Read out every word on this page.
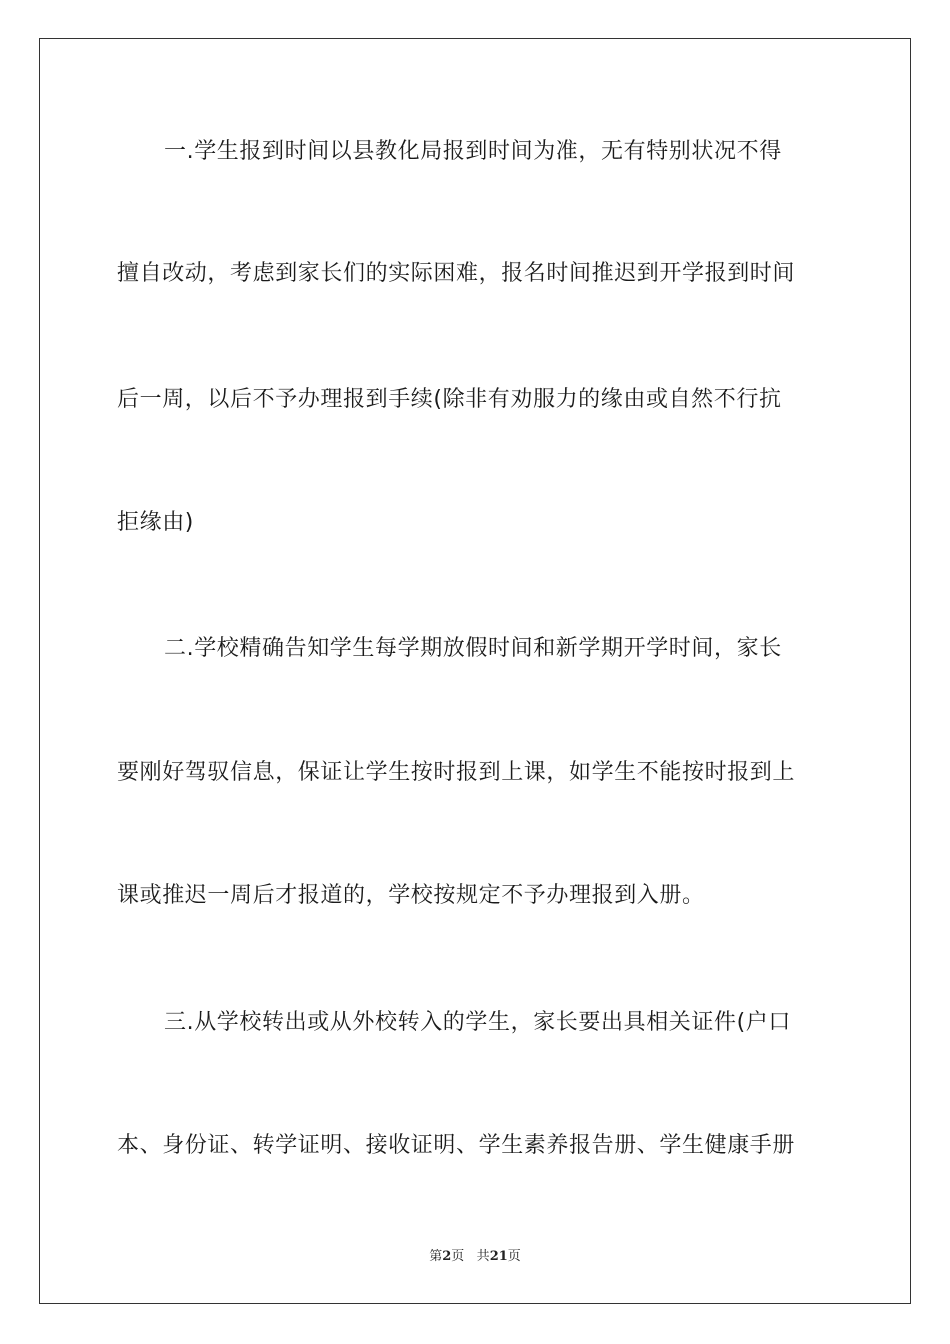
一.学生报到时间以县教化局报到时间为准，无有特别状况不得
擅自改动，考虑到家长们的实际困难，报名时间推迟到开学报到时间
后一周，以后不予办理报到手续(除非有劝服力的缘由或自然不行抗
拒缘由)
二.学校精确告知学生每学期放假时间和新学期开学时间，家长
要刚好驾驭信息，保证让学生按时报到上课，如学生不能按时报到上
课或推迟一周后才报道的，学校按规定不予办理报到入册。
三.从学校转出或从外校转入的学生，家长要出具相关证件(户口
本、身份证、转学证明、接收证明、学生素养报告册、学生健康手册
第2页 共21页
